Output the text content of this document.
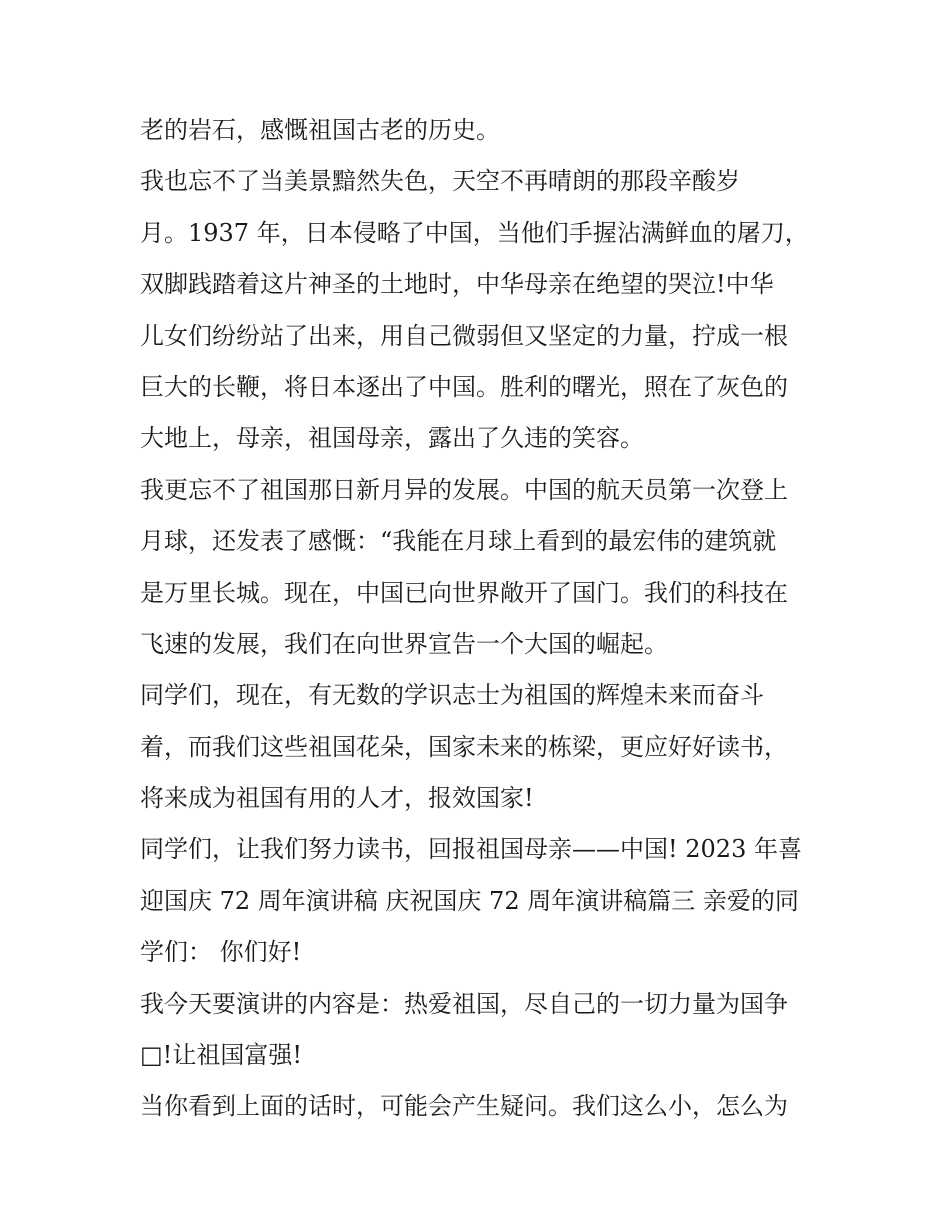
老的岩石，感慨祖国古老的历史。
我也忘不了当美景黯然失色，天空不再晴朗的那段辛酸岁
月。1937 年，日本侵略了中国，当他们手握沾满鲜血的屠刀，
双脚践踏着这片神圣的土地时，中华母亲在绝望的哭泣!中华
儿女们纷纷站了出来，用自己微弱但又坚定的力量，拧成一根
巨大的长鞭，将日本逐出了中国。胜利的曙光，照在了灰色的
大地上，母亲，祖国母亲，露出了久违的笑容。
我更忘不了祖国那日新月异的发展。中国的航天员第一次登上
月球，还发表了感慨：“我能在月球上看到的最宏伟的建筑就
是万里长城。现在，中国已向世界敞开了国门。我们的科技在
飞速的发展，我们在向世界宣告一个大国的崛起。
同学们，现在，有无数的学识志士为祖国的辉煌未来而奋斗
着，而我们这些祖国花朵，国家未来的栋梁，更应好好读书，
将来成为祖国有用的人才，报效国家!
同学们，让我们努力读书，回报祖国母亲——中国! 2023 年喜
迎国庆 72 周年演讲稿 庆祝国庆 72 周年演讲稿篇三 亲爱的同
学们： 你们好!
我今天要演讲的内容是：热爱祖国，尽自己的一切力量为国争
□!让祖国富强!
当你看到上面的话时，可能会产生疑问。我们这么小，怎么为
